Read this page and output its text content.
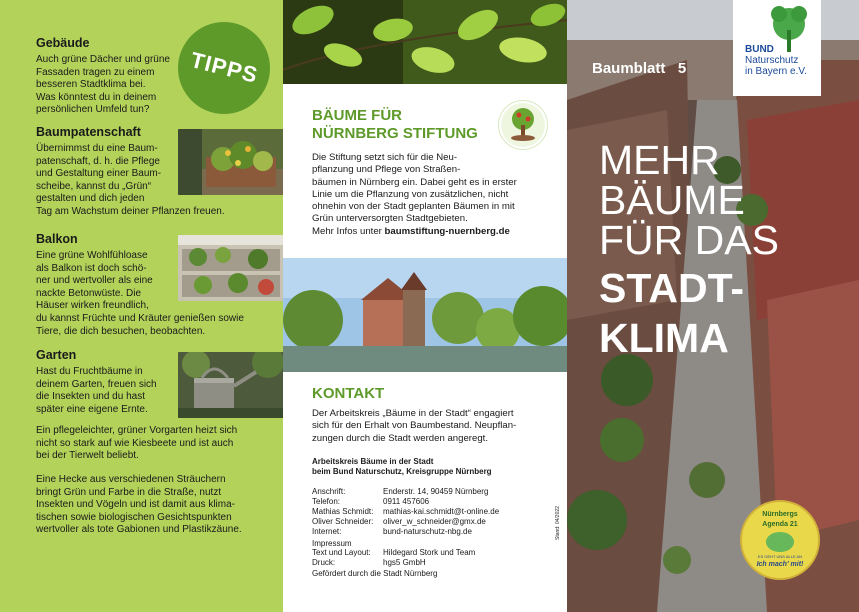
TIPPS
Gebäude
Auch grüne Dächer und grüne
Fassaden tragen zu einem
besseren Stadtklima bei.
Was könntest du in deinem
persönlichen Umfeld tun?
Baumpatenschaft
Übernimmst du eine Baum-
patenschaft, d. h. die Pflege
und Gestaltung einer Baum-
scheibe, kannst du „Grün“
gestalten und dich jeden
Tag am Wachstum deiner Pflanzen freuen.
Balkon
Eine grüne Wohlfühloase
als Balkon ist doch schö-
ner und wertvoller als eine
nackte Betonwüste. Die
Häuser wirken freundlich,
du kannst Früchte und Kräuter genießen sowie
Tiere, die dich besuchen, beobachten.
Garten
Hast du Fruchtbäume in
deinem Garten, freuen sich
die Insekten und du hast
später eine eigene Ernte.
Ein pflegeleichter, grüner Vorgarten heizt sich
nicht so stark auf wie Kiesbeete und ist auch
bei der Tierwelt beliebt.
Eine Hecke aus verschiedenen Sträuchern
bringt Grün und Farbe in die Straße, nutzt
Insekten und Vögeln und ist damit aus klima-
tischen sowie biologischen Gesichtspunkten
wertvoller als tote Gabionen und Plastikzäune.
BÄUME FÜR
NÜRNBERG STIFTUNG
Die Stiftung setzt sich für die Neu-
pflanzung und Pflege von Straßen-
bäumen in Nürnberg ein. Dabei geht es in erster
Linie um die Pflanzung von zusätzlichen, nicht
ohnehin von der Stadt geplanten Bäumen in mit
Grün unterversorgten Stadtgebieten.
Mehr Infos unter baumstiftung-nuernberg.de
KONTAKT
Der Arbeitskreis „Bäume in der Stadt“ engagiert
sich für den Erhalt von Baumbestand. Neupflan-
zungen durch die Stadt werden angeregt.
Arbeitskreis Bäume in der Stadt
beim Bund Naturschutz, Kreisgruppe Nürnberg
Anschrift:	Enderstr. 14, 90459 Nürnberg
Telefon:	0911 457606
Mathias Schmidt: mathias-kai.schmidt@t-online.de
Oliver Schneider: oliver_w_schneider@gmx.de
Internet:	bund-naturschutz-nbg.de
Impressum
Text und Layout: Hildegard Stork und Team
Druck:	hgs5 GmbH
Gefördert durch die Stadt Nürnberg
Stand: 04/2022
Baumblatt 5
BUND
Naturschutz
in Bayern e.V.
MEHR
BÄUME
FÜR DAS
STADT-
KLIMA
Nürnbergs
Agenda 21
ES GEHT UNS ALLE AN
Ich mach' mit!
